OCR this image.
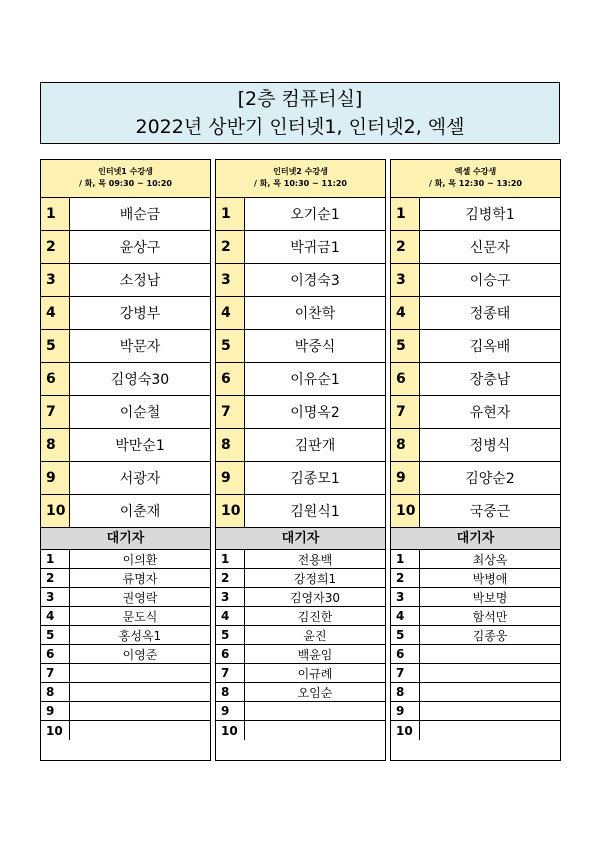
[2층 컴퓨터실]
2022년 상반기 인터넷1, 인터넷2, 엑셀
인터넷1 수강생
/ 화, 목 09:30 ~ 10:20
1	배순금
2	윤상구
3	소정남
4	강병부
5	박문자
6	김영숙30
7	이순철
8	박만순1
9	서광자
10	이춘재
대기자
1	이의환
2	류명자
3	권영락
4	문도식
5	홍성옥1
6	이영준
7
8
9
10
인터넷2 수강생
/ 화, 목 10:30 ~ 11:20
1	오기순1
2	박귀금1
3	이경숙3
4	이찬학
5	박중식
6	이유순1
7	이명옥2
8	김판개
9	김종모1
10	김원식1
대기자
1	전용백
2	강정희1
3	김영자30
4	김진한
5	윤진
6	백윤임
7	이규례
8	오임순
9
10
엑셀 수강생
/ 화, 목 12:30 ~ 13:20
1	김병학1
2	신문자
3	이승구
4	정종태
5	김옥배
6	장충남
7	유현자
8	정병식
9	김양순2
10	국중근
대기자
1	최상옥
2	박병애
3	박보명
4	함석만
5	김종웅
6
7
8
9
10
